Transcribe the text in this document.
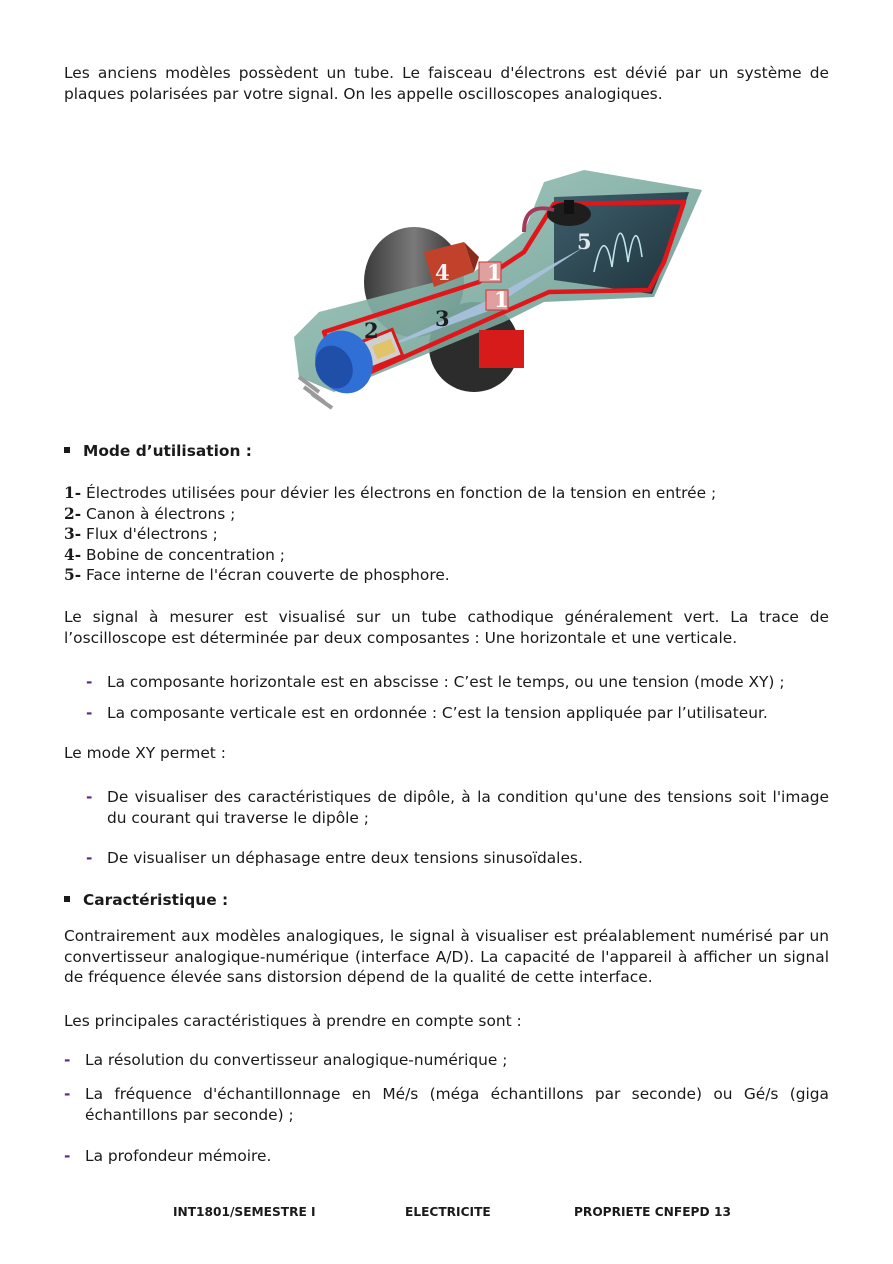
Les anciens modèles possèdent un tube. Le faisceau d'électrons est dévié par un système de plaques polarisées par votre signal. On les appelle oscilloscopes analogiques.

5
4 1
1
3
2
Mode d’utilisation :
1- Électrodes utilisées pour dévier les électrons en fonction de la tension en entrée ;
2- Canon à électrons ;
3- Flux d'électrons ;
4- Bobine de concentration ;
5- Face interne de l'écran couverte de phosphore.

Le signal à mesurer est visualisé sur un tube cathodique généralement vert. La trace de l’oscilloscope est déterminée par deux composantes : Une horizontale et une verticale.

- La composante horizontale est en abscisse : C’est le temps, ou une tension (mode XY) ;
- La composante verticale est en ordonnée : C’est la tension appliquée par l’utilisateur.

Le mode XY permet :

- De visualiser des caractéristiques de dipôle, à la condition qu'une des tensions soit l'image du courant qui traverse le dipôle ;
- De visualiser un déphasage entre deux tensions sinusoïdales.
Caractéristique :

Contrairement aux modèles analogiques, le signal à visualiser est préalablement numérisé par un convertisseur analogique-numérique (interface A/D). La capacité de l'appareil à afficher un signal de fréquence élevée sans distorsion dépend de la qualité de cette interface.

Les principales caractéristiques à prendre en compte sont :

- La résolution du convertisseur analogique-numérique ;
- La fréquence d'échantillonnage en Mé/s (méga échantillons par seconde) ou Gé/s (giga échantillons par seconde) ;
- La profondeur mémoire.
INT1801/SEMESTRE I	ELECTRICITE	PROPRIETE CNFEPD 13
